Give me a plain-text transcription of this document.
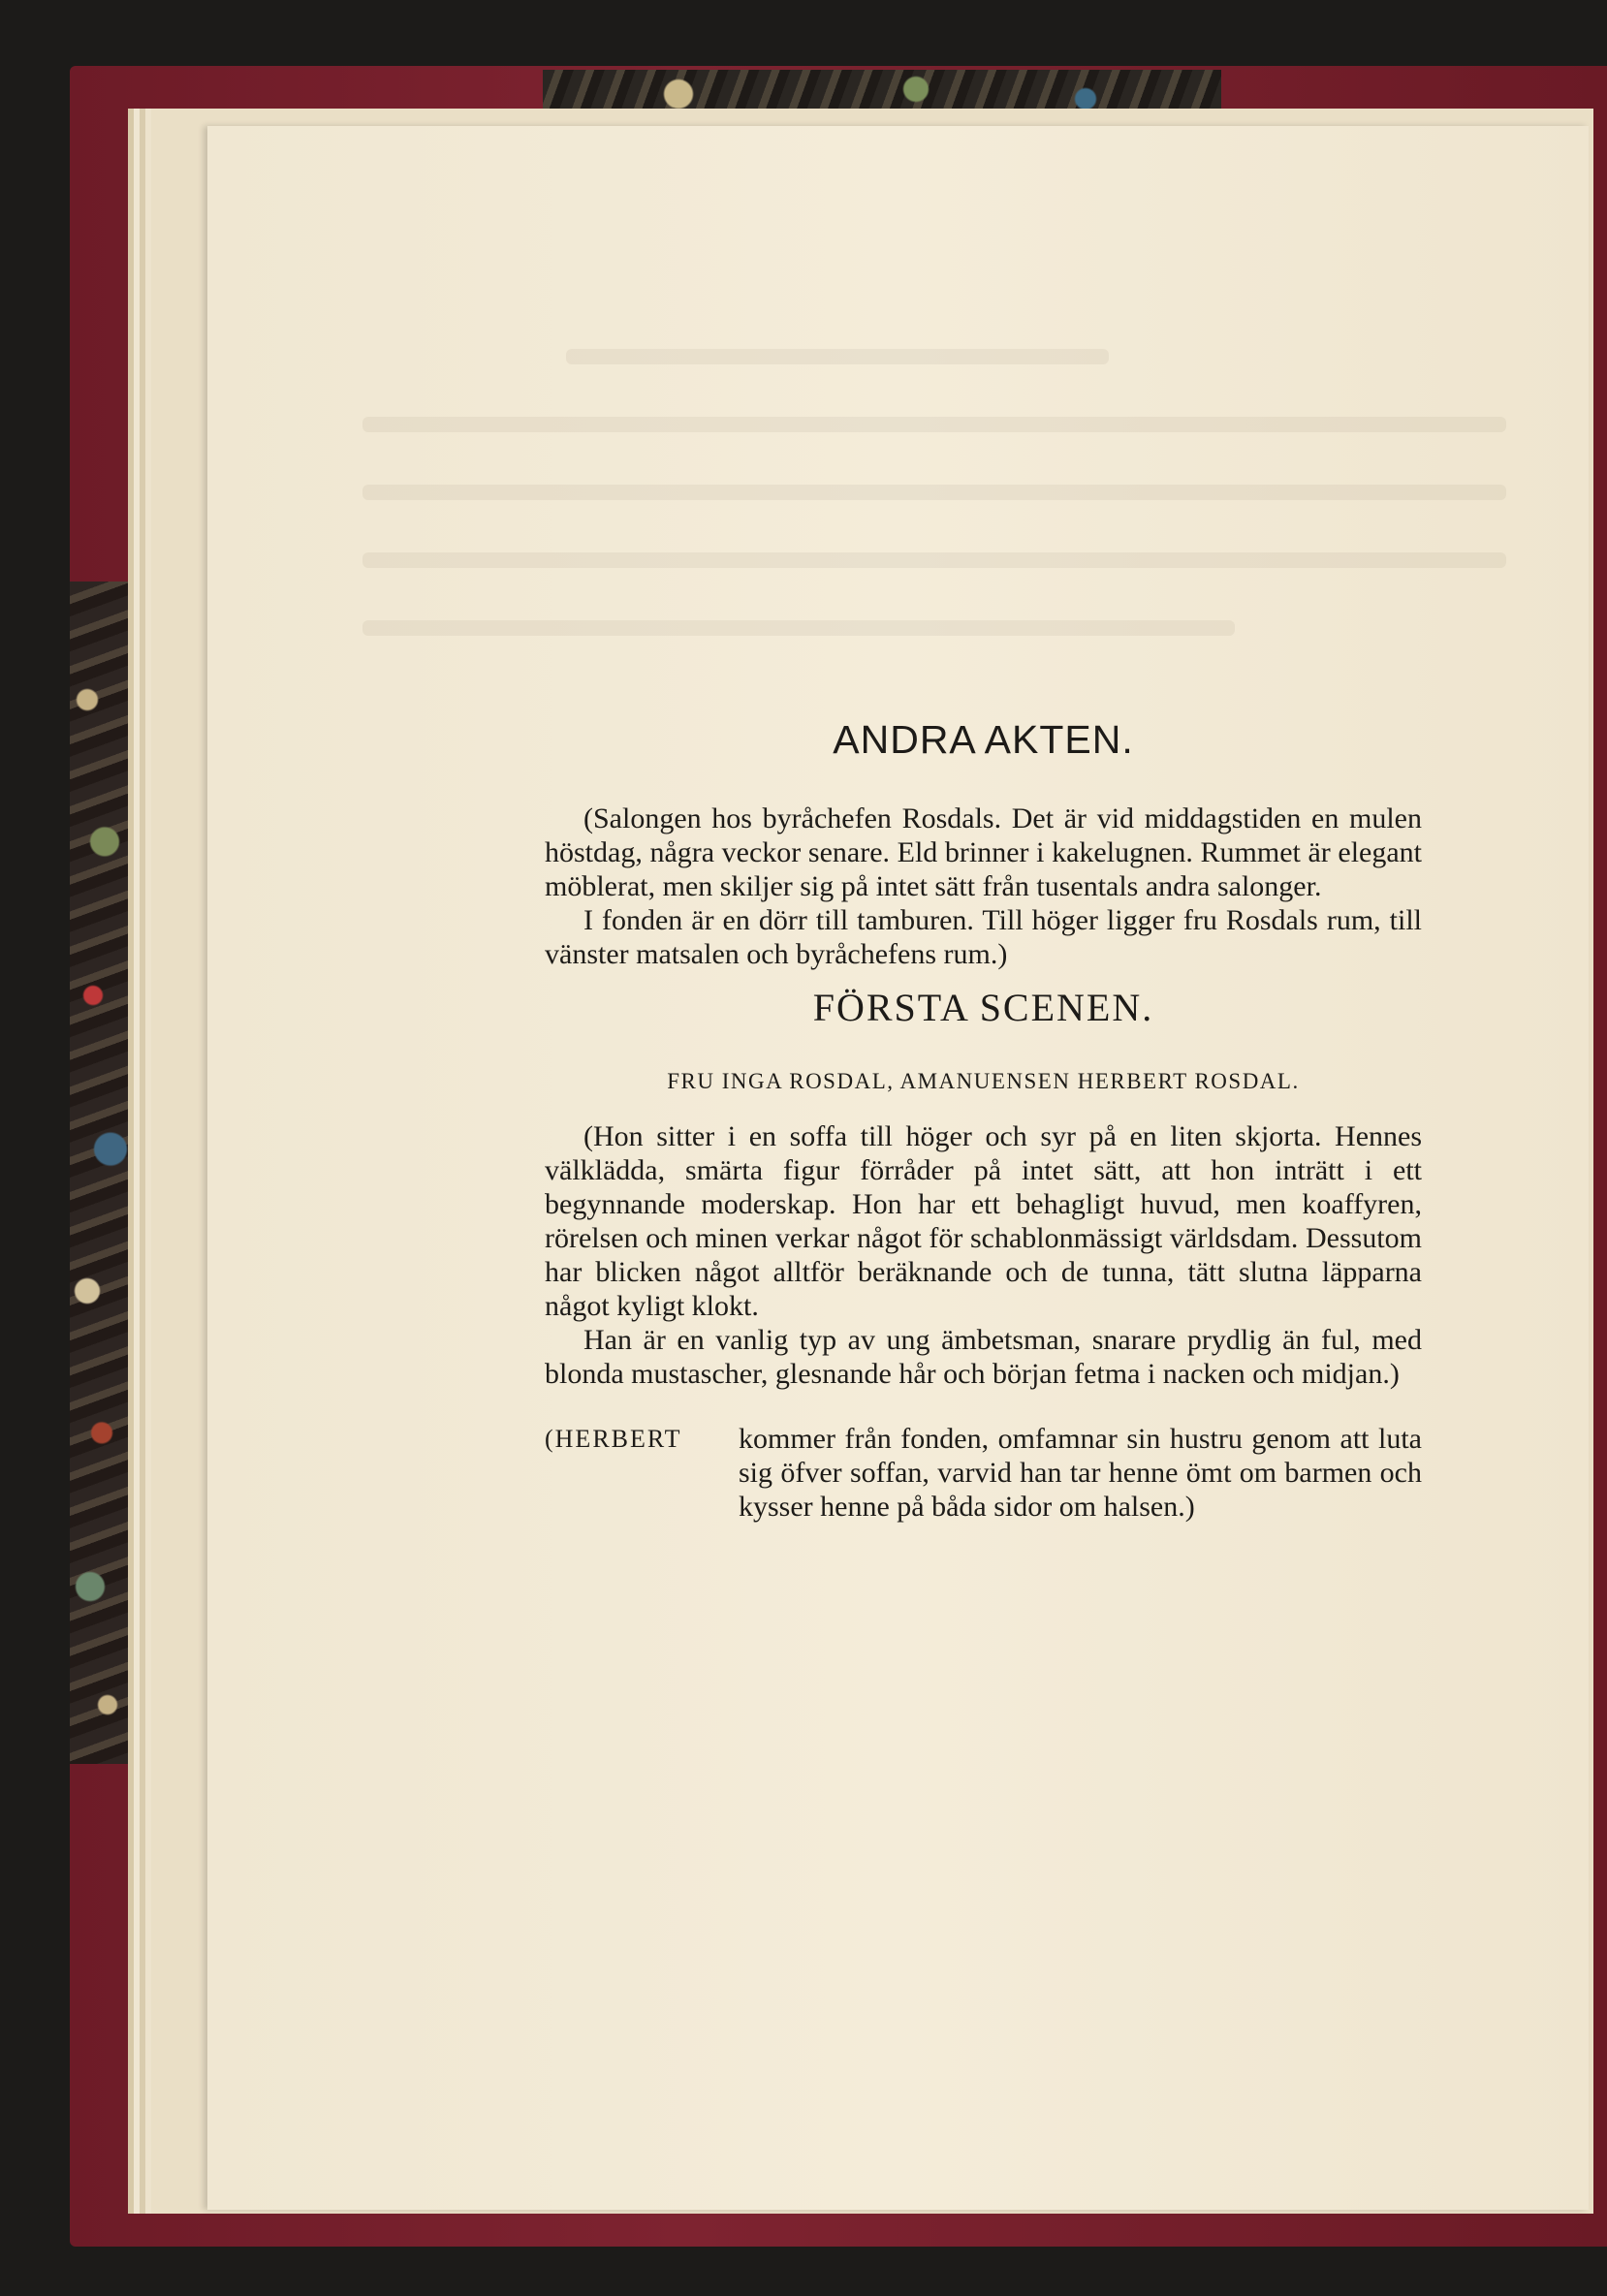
ANDRA AKTEN.

(Salongen hos byråchefen Rosdals. Det är vid middagstiden en mulen höstdag, några veckor senare. Eld brinner i kakelugnen. Rummet är elegant möblerat, men skiljer sig på intet sätt från tusentals andra salonger.

I fonden är en dörr till tamburen. Till höger ligger fru Rosdals rum, till vänster matsalen och byråchefens rum.)

FÖRSTA SCENEN.
FRU INGA ROSDAL, AMANUENSEN HERBERT ROSDAL.

(Hon sitter i en soffa till höger och syr på en liten skjorta. Hennes välklädda, smärta figur förråder på intet sätt, att hon inträtt i ett begynnande moderskap. Hon har ett behagligt huvud, men koaffyren, rörelsen och minen verkar något för schablonmässigt världsdam. Dessutom har blicken något alltför beräknande och de tunna, tätt slutna läpparna något kyligt klokt.

Han är en vanlig typ av ung ämbetsman, snarare prydlig än ful, med blonda mustascher, glesnande hår och början fetma i nacken och midjan.)

(HERBERT	kommer från fonden, omfamnar sin hustru genom att luta sig öfver soffan, varvid han tar henne ömt om barmen och kysser henne på båda sidor om halsen.)
